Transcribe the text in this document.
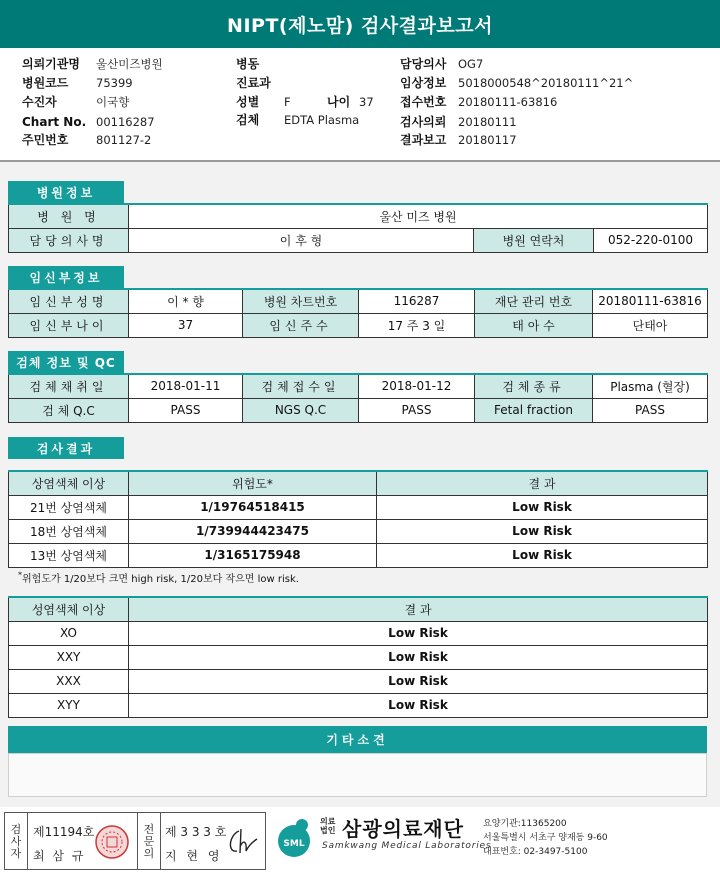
NIPT(제노맘) 검사결과보고서
의뢰기관명 울산미즈병원
병원코드 75399
수진자	이국향
Chart No. 00116287
주민번호 801127-2
병동
진료과
성별 F	나이 37
검체 EDTA Plasma
담당의사 OG7
임상정보 5018000548^20180111^21^
접수번호 20180111-63816
검사의뢰 20180111
결과보고 20180117
병원정보
병 원 명	울산 미즈 병원		
담당의사명	이 후 형	병원 연락처	052-220-0100
임신부정보
임신부성명	이 * 향	병원 차트번호	116287	재단 관리 번호	20180111-63816
임신부나이	37	임신주수	17 주 3 일	태 아 수	단태아
검체 정보 및 QC
검체채취일	2018-01-11	검체접수일	2018-01-12	검체종류	Plasma (혈장)
검 체 Q.C	PASS	NGS Q.C	PASS	Fetal fraction	PASS
검사결과
상염색체 이상	위험도*	결 과
21번 상염색체	1/19764518415	Low Risk
18번 상염색체	1/739944423475	Low Risk
13번 상염색체	1/3165175948	Low Risk
*위험도가 1/20보다 크면 high risk, 1/20보다 작으면 low risk.
성염색체 이상	결 과
XO	Low Risk
XXY	Low Risk
XXX	Low Risk
XYY	Low Risk
기타소견
검사자
제11194호
최 삼 규
전문의
제 3 3 3 호
지 현 영
SML
의료
법인 삼광의료재단
Samkwang Medical Laboratories
요양기관:11365200
서울특별시 서초구 양재동 9-60
대표번호: 02-3497-5100
